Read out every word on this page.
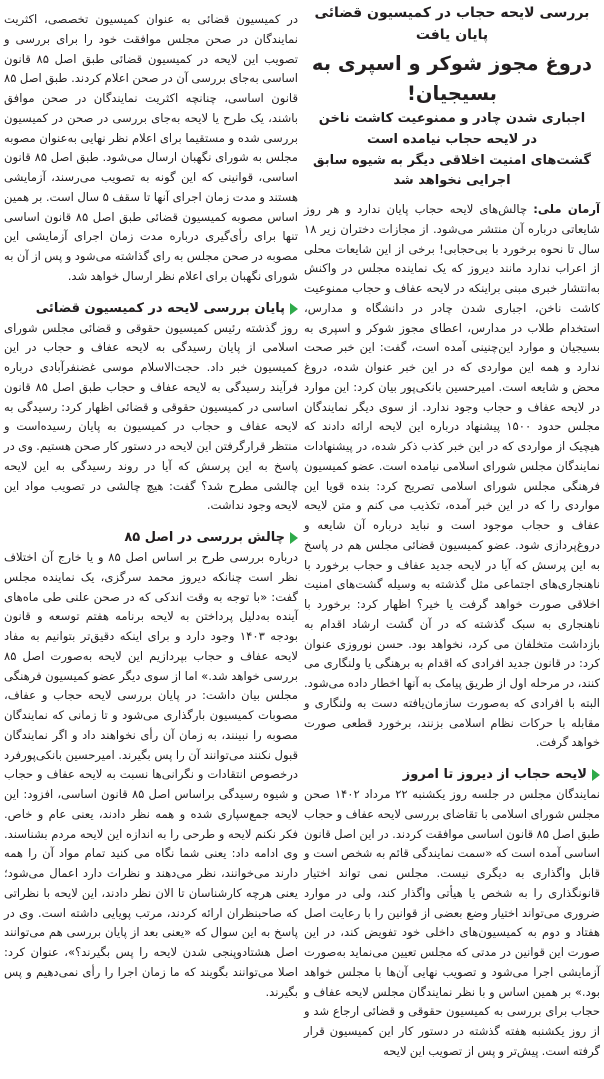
بررسی لایحه حجاب در کمیسیون قضائی پایان یافت
دروغ مجوز شوکر و اسپری به بسیجیان!

اجباری شدن چادر و ممنوعیت کاشت ناخن

در لایحه حجاب نیامده است

گشت‌های امنیت اخلاقی دیگر به شیوه سابق

اجرایی نخواهد شد

آرمان ملی: چالش‌های لایحه حجاب پایان ندارد و هر روز شایعاتی درباره آن منتشر می‌شود. از مجازات دختران زیر ۱۸ سال تا نحوه برخورد با بی‌حجابی! برخی از این شایعات محلی از اعراب ندارد مانند دیروز که یک نماینده مجلس در واکنش به‌انتشار خبری مبنی براینکه در لایحه عفاف و حجاب ممنوعیت کاشت ناخن، اجباری شدن چادر در دانشگاه و مدارس، استخدام طلاب در مدارس، اعطای مجوز شوکر و اسپری به بسیجیان و موارد این‌چنینی آمده است، گفت: این خبر صحت ندارد و همه این مواردی که در این خبر عنوان شده، دروغ محض و شایعه است. امیرحسین بانکی‌پور بیان کرد: این موارد در لایحه عفاف و حجاب وجود ندارد. از سوی دیگر نمایندگان مجلس حدود ۱۵۰۰ پیشنهاد درباره این لایحه ارائه دادند که هیچیک از مواردی که در این خبر کذب ذکر شده، در پیشنهادات نمایندگان مجلس شورای اسلامی نیامده است. عضو کمیسیون فرهنگی مجلس شورای اسلامی تصریح کرد: بنده قویا این مواردی را که در این خبر آمده، تکذیب می کنم و متن لایحه عفاف و حجاب موجود است و نباید درباره آن شایعه و دروغ‌پردازی شود. عضو کمیسیون قضائی مجلس هم در پاسخ به این پرسش که آیا در لایحه جدید عفاف و حجاب برخورد با ناهنجاری‌های اجتماعی مثل گذشته به وسیله گشت‌های امنیت اخلاقی صورت خواهد گرفت یا خیر؟ اظهار کرد: برخورد با ناهنجاری به سبک گذشته که در آن گشت ارشاد اقدام به بازداشت متخلفان می کرد، نخواهد بود. حسن نوروزی عنوان کرد: در قانون جدید افرادی که اقدام به برهنگی یا ولنگاری می کنند، در مرحله اول از طریق پیامک به آنها اخطار داده می‌شود. البته با افرادی که به‌صورت سازمان‌یافته دست به ولنگاری و مقابله با حرکات نظام اسلامی بزنند، برخورد قطعی صورت خواهد گرفت.

لایحه حجاب از دیروز تا امروز

نمایندگان مجلس در جلسه روز یکشنبه ۲۲ مرداد ۱۴۰۲ صحن مجلس شورای اسلامی با تقاضای بررسی لایحه عفاف و حجاب طبق اصل ۸۵ قانون اساسی موافقت کردند. در این اصل قانون اساسی آمده است که «سمت نمایندگی قائم به شخص است و قابل واگذاری به دیگری نیست. مجلس نمی تواند اختیار قانونگذاری را به شخص یا هیأتی واگذار کند، ولی در موارد ضروری می‌تواند اختیار وضع بعضی از قوانین را با رعایت اصل هفتاد و دوم به کمیسیون‌های داخلی خود تفویض کند، در این صورت این قوانین در مدتی که مجلس تعیین می‌نماید به‌صورت آزمایشی اجرا می‌شود و تصویب نهایی آن‌ها با مجلس خواهد بود.» بر همین اساس و با نظر نمایندگان مجلس لایحه عفاف و حجاب برای بررسی به کمیسیون حقوقی و قضائی ارجاع شد و از روز یکشنبه هفته گذشته در دستور کار این کمیسیون قرار گرفته است. پیش‌تر و پس از تصویب این لایحه

در کمیسیون قضائی به عنوان کمیسیون تخصصی، اکثریت نمایندگان در صحن مجلس موافقت خود را برای بررسی و تصویب این لایحه در کمیسیون قضائی طبق اصل ۸۵ قانون اساسی به‌جای بررسی آن در صحن اعلام کردند. طبق اصل ۸۵ قانون اساسی، چنانچه اکثریت نمایندگان در صحن موافق باشند، یک طرح یا لایحه به‌جای بررسی در صحن در کمیسیون بررسی شده و مستقیما برای اعلام نظر نهایی به‌عنوان مصوبه مجلس به شورای نگهبان ارسال می‌شود. طبق اصل ۸۵ قانون اساسی، قوانینی که این گونه به تصویب می‌رسند، آزمایشی هستند و مدت زمان اجرای آنها تا سقف ۵ سال است. بر همین اساس مصوبه کمیسیون قضائی طبق اصل ۸۵ قانون اساسی تنها برای رأی‌گیری درباره مدت زمان اجرای آزمایشی این مصوبه در صحن مجلس به رای گذاشته می‌شود و پس از آن به شورای نگهبان برای اعلام نظر ارسال خواهد شد.

پایان بررسی لایحه در کمیسیون قضائی

روز گذشته رئیس کمیسیون حقوقی و قضائی مجلس شورای اسلامی از پایان رسیدگی به لایحه عفاف و حجاب در این کمیسیون خبر داد. حجت‌الاسلام موسی غضنفرآبادی درباره فرآیند رسیدگی به لایحه عفاف و حجاب طبق اصل ۸۵ قانون اساسی در کمیسیون حقوقی و قضائی اظهار کرد: رسیدگی به لایحه عفاف و حجاب در کمیسیون به پایان رسیده‌است و منتظر قرارگرفتن این لایحه در دستور کار صحن هستیم. وی در پاسخ به این پرسش که آیا در روند رسیدگی به این لایحه چالشی مطرح شد؟ گفت: هیچ چالشی در تصویب مواد این لایحه وجود نداشت.

چالش بررسی در اصل ۸۵

درباره بررسی طرح بر اساس اصل ۸۵ و یا خارج آن اختلاف نظر است چنانکه دیروز محمد سرگزی، یک نماینده مجلس گفت: «با توجه به وقت اندکی که در صحن علنی طی ماه‌های آینده به‌دلیل پرداختن به لایحه برنامه هفتم توسعه و قانون بودجه ۱۴۰۳ وجود دارد و برای اینکه دقیق‌تر بتوانیم به مفاد لایحه عفاف و حجاب بپردازیم این لایحه به‌صورت اصل ۸۵ بررسی خواهد شد.» اما از سوی دیگر عضو کمیسیون فرهنگی مجلس بیان داشت: در پایان بررسی لایحه حجاب و عفاف، مصوبات کمیسیون بارگذاری می‌شود و تا زمانی که نمایندگان مصوبه را نبینند، به زمان آن رأی نخواهند داد و اگر نمایندگان قبول نکنند می‌توانند آن را پس بگیرند. امیرحسین بانکی‌پورفرد درخصوص انتقادات و نگرانی‌ها نسبت به لایحه عفاف و حجاب و شیوه رسیدگی براساس اصل ۸۵ قانون اساسی، افزود: این لایحه جمع‌سپاری شده و همه نظر دادند، یعنی عام و خاص. فکر نکنم لایحه و طرحی را به اندازه این لایحه مردم بشناسند. وی ادامه داد: یعنی شما نگاه می کنید تمام مواد آن را همه دارند می‌خوانند، نظر می‌دهند و نظرات دارد اعمال می‌شود؛ یعنی هرچه کارشناسان تا الان نظر دادند، این لایحه با نظراتی که صاحبنظران ارائه کردند، مرتب پویایی داشته است. وی در پاسخ به این سوال که «یعنی بعد از پایان بررسی هم می‌توانند اصل هشتادوپنجی شدن لایحه را پس بگیرند؟»، عنوان کرد: اصلا می‌توانند بگویند که ما زمان اجرا را رأی نمی‌دهیم و پس بگیرند.
